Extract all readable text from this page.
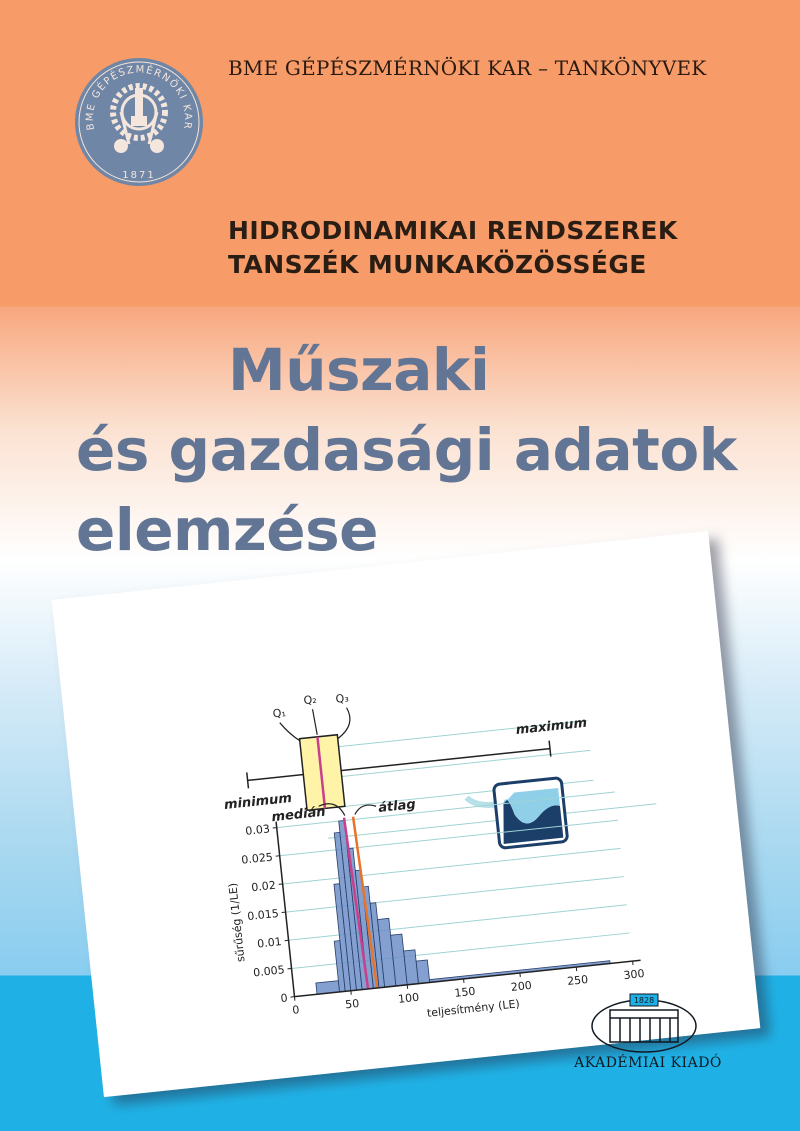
BME GÉPÉSZMÉRNÖKI KAR
1871
BME GÉPÉSZMÉRNÖKI KAR – TANKÖNYVEK
HIDRODINAMIKAI RENDSZEREK
TANSZÉK MUNKAKÖZÖSSÉGE
Műszaki
és gazdasági adatok
elemzése
minimum
maximum
Q₁
Q₂ Q₃
0
0.005
0.01
0.015
0.02
0.025
0.03
0	50	100	150	200	250	300
teljesítmény (LE)
sűrűség (1/LE)
medián	átlag
1828
AKADÉMIAI KIADÓ
